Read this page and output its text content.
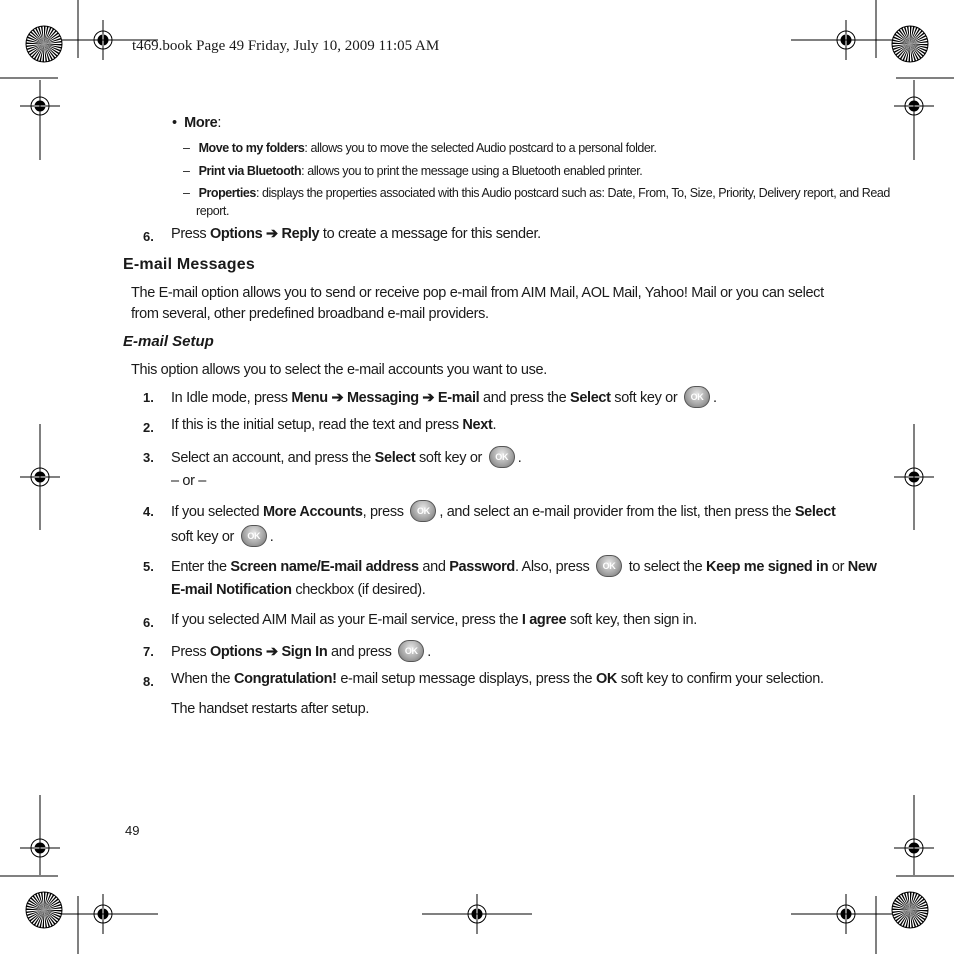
t469.book Page 49 Friday, July 10, 2009 11:05 AM
• More:
– Move to my folders: allows you to move the selected Audio postcard to a personal folder.
– Print via Bluetooth: allows you to print the message using a Bluetooth enabled printer.
– Properties: displays the properties associated with this Audio postcard such as: Date, From, To, Size, Priority, Delivery report, and Read
report.
6. Press Options ➔ Reply to create a message for this sender.
E-mail Messages
The E-mail option allows you to send or receive pop e-mail from AIM Mail, AOL Mail, Yahoo! Mail or you can select
from several, other predefined broadband e-mail providers.
E-mail Setup
This option allows you to select the e-mail accounts you want to use.
1. In Idle mode, press Menu ➔ Messaging ➔ E-mail and press the Select soft key or OK .
2. If this is the initial setup, read the text and press Next.
3. Select an account, and press the Select soft key or OK .
– or –
4. If you selected More Accounts, press OK , and select an e-mail provider from the list, then press the Select
soft key or OK .
5. Enter the Screen name/E-mail address and Password. Also, press OK to select the Keep me signed in or New
E-mail Notification checkbox (if desired).
6. If you selected AIM Mail as your E-mail service, press the I agree soft key, then sign in.
7. Press Options ➔ Sign In and press OK .
8. When the Congratulation! e-mail setup message displays, press the OK soft key to confirm your selection.
The handset restarts after setup.
49
